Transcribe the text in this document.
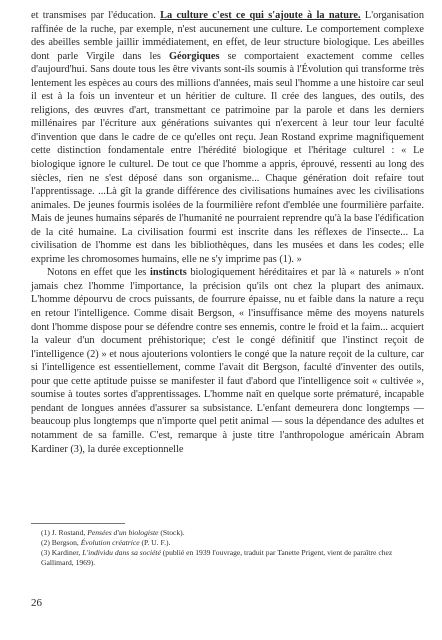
et transmises par l'éducation. La culture c'est ce qui s'ajoute à la nature. L'organisation raffinée de la ruche, par exemple, n'est aucunement une culture. Le comportement complexe des abeilles semble jaillir immédiatement, en effet, de leur structure biologique. Les abeilles dont parle Virgile dans les Géorgiques se comportaient exactement comme celles d'aujourd'hui. Sans doute tous les être vivants sont-ils soumis à l'Évolution qui transforme très lentement les espèces au cours des millions d'années, mais seul l'homme a une histoire car seul il est à la fois un inventeur et un héritier de culture. Il crée des langues, des outils, des religions, des œuvres d'art, transmettant ce patrimoine par la parole et dans les derniers millénaires par l'écriture aux générations suivantes qui n'exercent à leur tour leur faculté d'invention que dans le cadre de ce qu'elles ont reçu. Jean Rostand exprime magnifiquement cette distinction fondamentale entre l'hérédité biologique et l'héritage culturel : « Le biologique ignore le culturel. De tout ce que l'homme a appris, éprouvé, ressenti au long des siècles, rien ne s'est déposé dans son organisme... Chaque génération doit refaire tout l'apprentissage. ...Là gît la grande différence des civilisations humaines avec les civilisations animales. De jeunes fourmis isolées de la fourmilière refont d'emblée une fourmilière parfaite. Mais de jeunes humains séparés de l'humanité ne pourraient reprendre qu'à la base l'édification de la cité humaine. La civilisation fourmi est inscrite dans les réflexes de l'insecte... La civilisation de l'homme est dans les bibliothèques, dans les musées et dans les codes; elle exprime les chromosomes humains, elle ne s'y imprime pas (1). »

Notons en effet que les instincts biologiquement héréditaires et par là « naturels » n'ont jamais chez l'homme l'importance, la précision qu'ils ont chez la plupart des animaux. L'homme dépourvu de crocs puissants, de fourrure épaisse, nu et faible dans la nature a reçu en retour l'intelligence. Comme disait Bergson, « l'insuffisance même des moyens naturels dont l'homme dispose pour se défendre contre ses ennemis, contre le froid et la faim... acquiert la valeur d'un document préhistorique; c'est le congé définitif que l'instinct reçoit de l'intelligence (2) » et nous ajouterions volontiers le congé que la nature reçoit de la culture, car si l'intelligence est essentiellement, comme l'avait dit Bergson, faculté d'inventer des outils, pour que cette aptitude puisse se manifester il faut d'abord que l'intelligence soit « cultivée », soumise à toutes sortes d'apprentissages. L'homme naît en quelque sorte prématuré, incapable pendant de longues années d'assurer sa subsistance. L'enfant demeurera donc longtemps — beaucoup plus longtemps que n'importe quel petit animal — sous la dépendance des adultes et notamment de sa famille. C'est, remarque à juste titre l'anthropologue américain Abram Kardiner (3), la durée exceptionnelle

(1) J. Rostand, Pensées d'un biologiste (Stock).
(2) Bergson, Évolution créatrice (P. U. F.).
(3) Kardiner, L'individu dans sa société (publié en 1939 l'ouvrage, traduit par Tanette Prigent, vient de paraître chez Gallimard, 1969).
26
